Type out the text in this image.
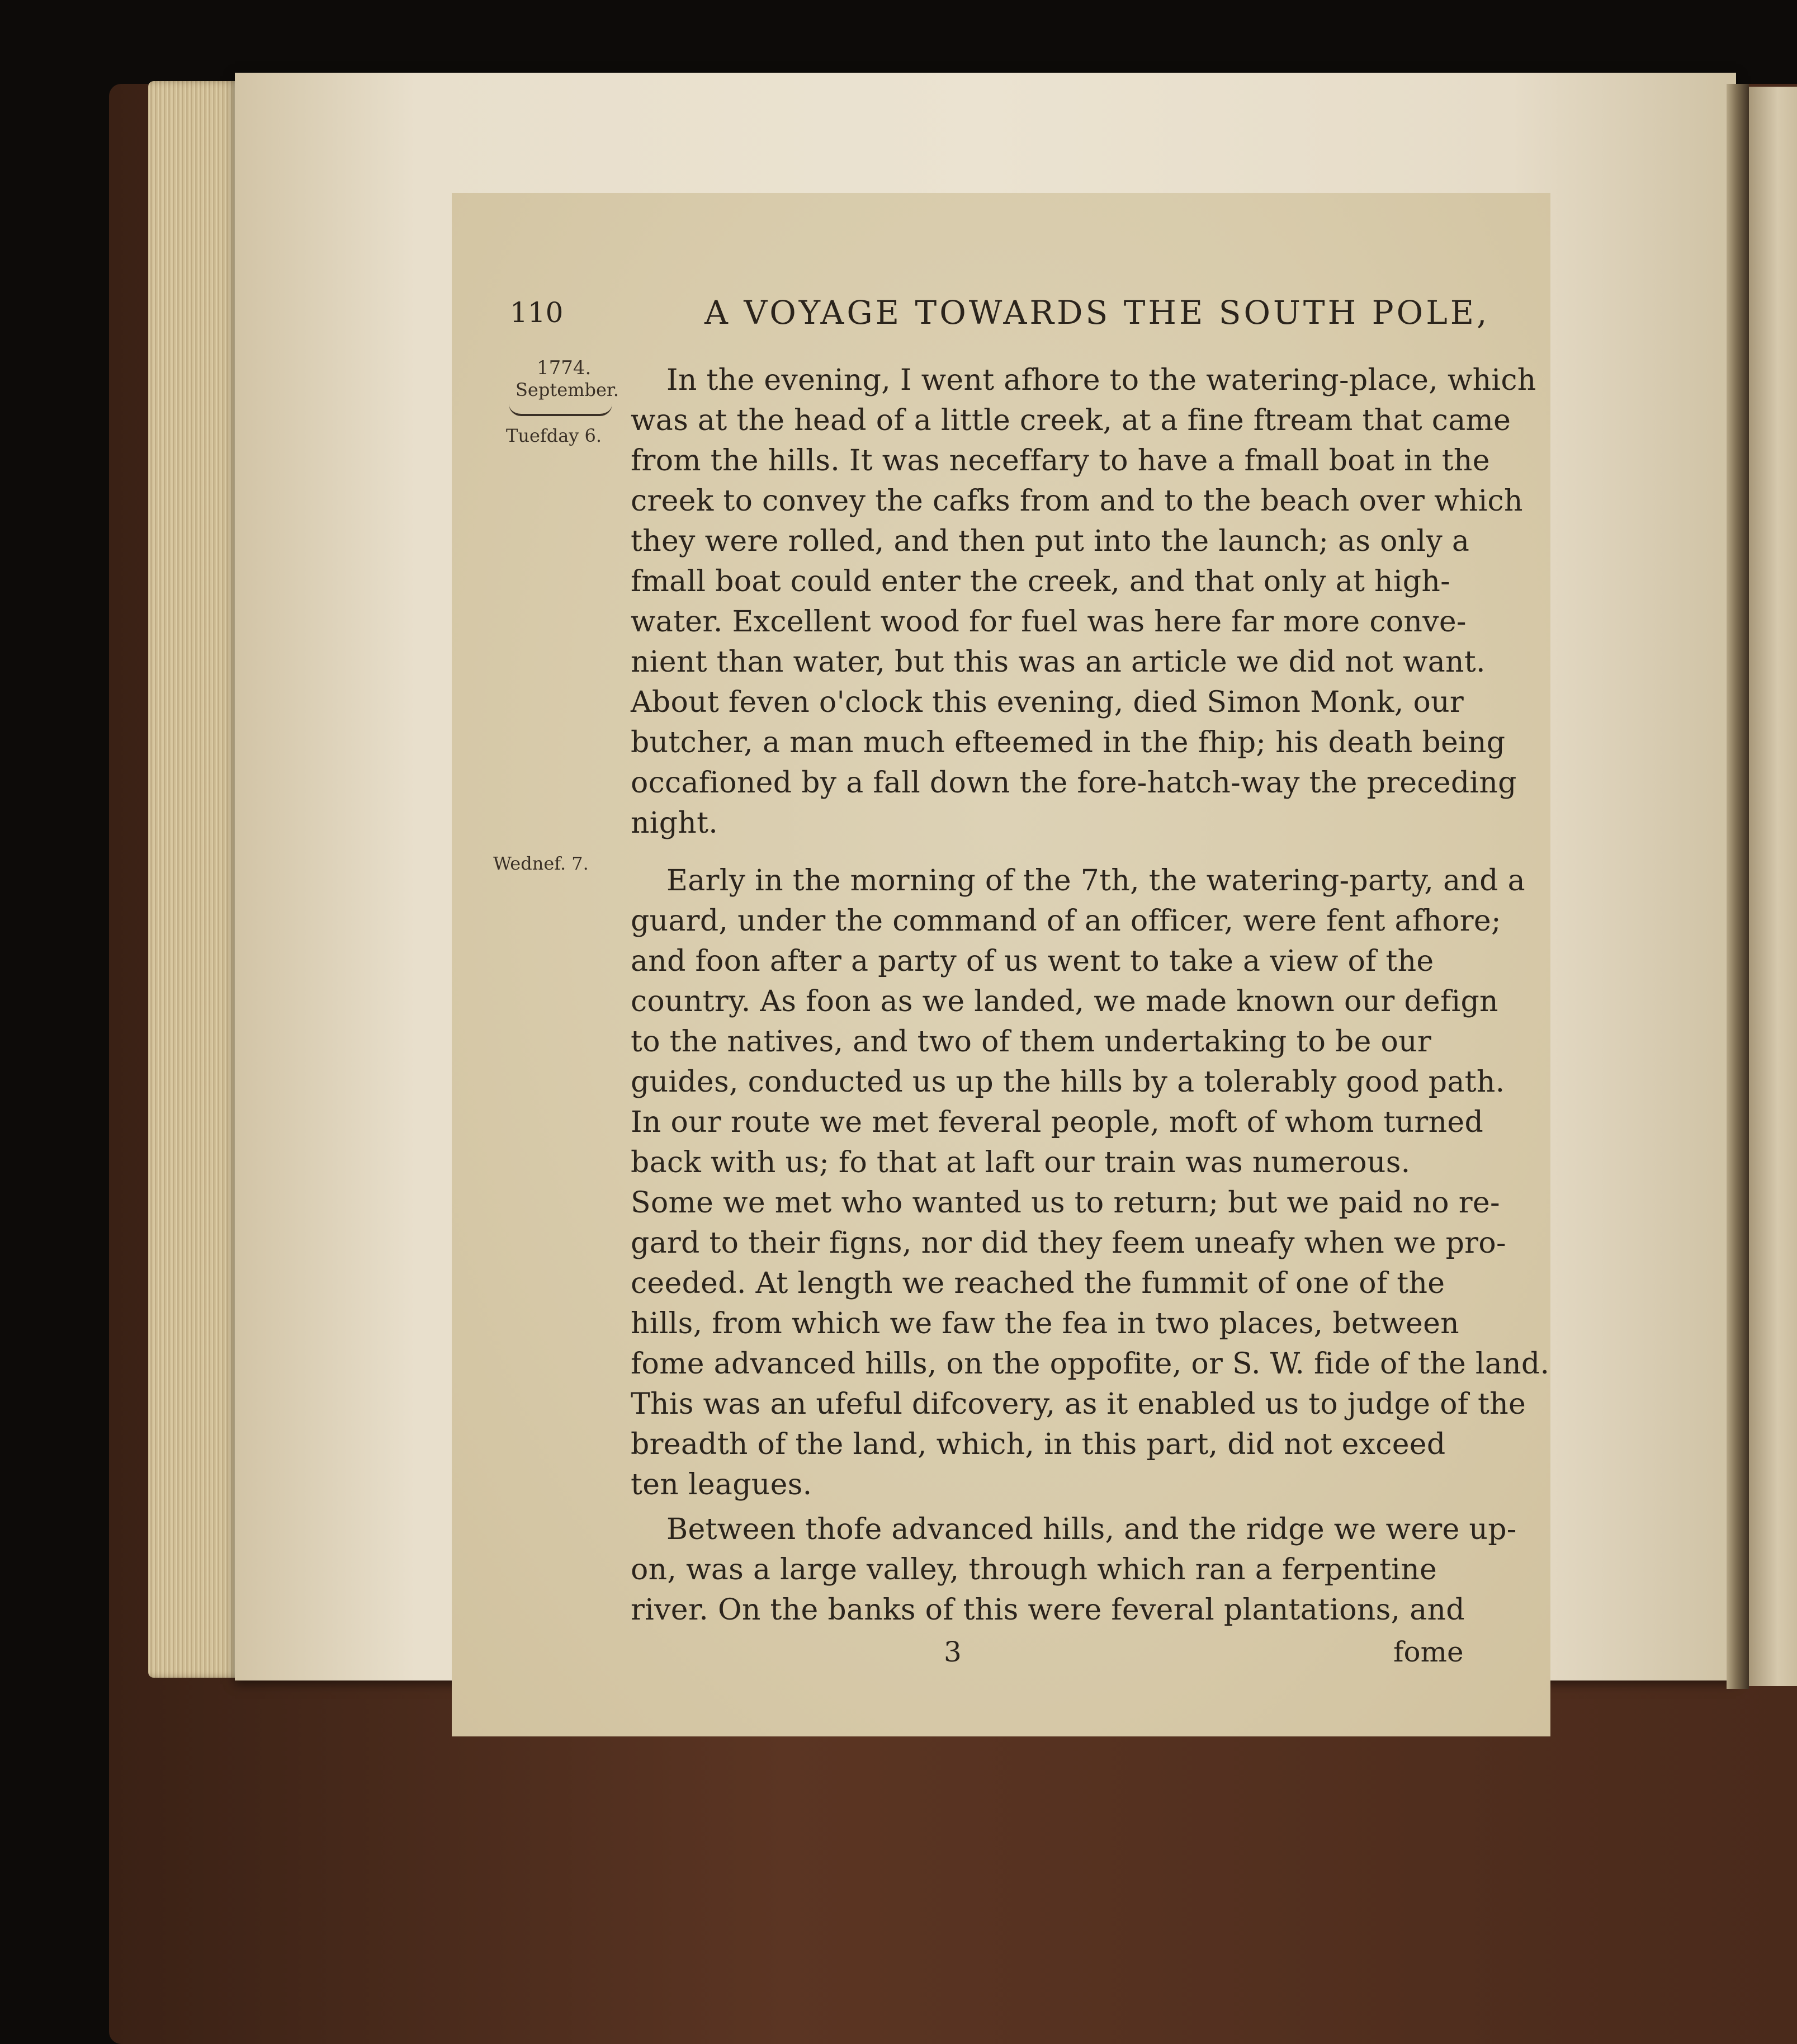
110	A VOYAGE TOWARDS THE SOUTH POLE,

1774.

September.

Tuefday 6.

Wednef. 7.

In the evening, I went afhore to the watering-place, which

was at the head of a little creek, at a fine ftream that came

from the hills. It was neceffary to have a fmall boat in the

creek to convey the cafks from and to the beach over which

they were rolled, and then put into the launch; as only a

fmall boat could enter the creek, and that only at high-

water. Excellent wood for fuel was here far more conve-

nient than water, but this was an article we did not want.

About feven o'clock this evening, died Simon Monk, our

butcher, a man much efteemed in the fhip; his death being

occafioned by a fall down the fore-hatch-way the preceding

night.

Early in the morning of the 7th, the watering-party, and a

guard, under the command of an officer, were fent afhore;

and foon after a party of us went to take a view of the

country. As foon as we landed, we made known our defign

to the natives, and two of them undertaking to be our

guides, conducted us up the hills by a tolerably good path.

In our route we met feveral people, moft of whom turned

back with us; fo that at laft our train was numerous.

Some we met who wanted us to return; but we paid no re-

gard to their figns, nor did they feem uneafy when we pro-

ceeded. At length we reached the fummit of one of the

hills, from which we faw the fea in two places, between

fome advanced hills, on the oppofite, or S. W. fide of the land.

This was an ufeful difcovery, as it enabled us to judge of the

breadth of the land, which, in this part, did not exceed

ten leagues.

Between thofe advanced hills, and the ridge we were up-

on, was a large valley, through which ran a ferpentine

river. On the banks of this were feveral plantations, and

3	fome
